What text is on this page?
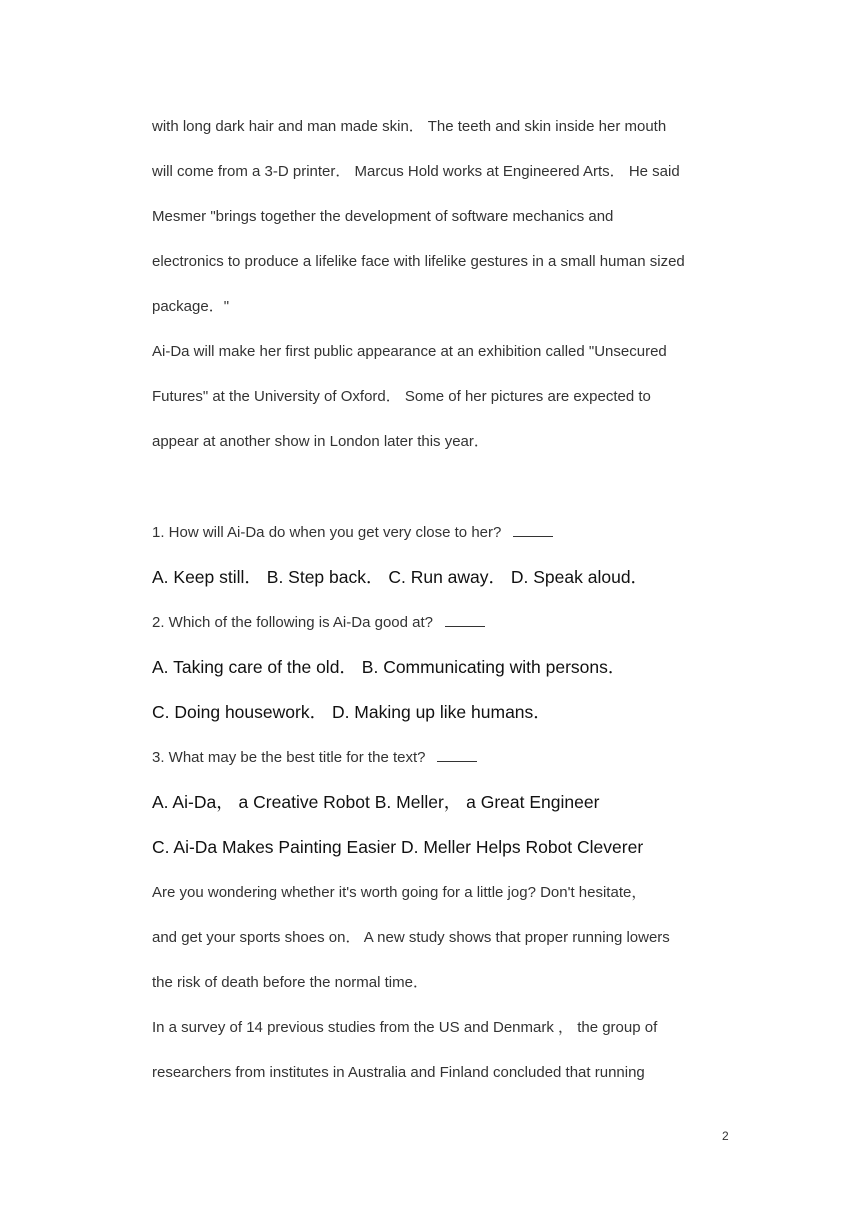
with long dark hair and man made skin． The teeth and skin inside her mouth
will come from a 3-D printer． Marcus Hold works at Engineered Arts． He said
Mesmer "brings together the development of software mechanics and
electronics to produce a lifelike face with lifelike gestures in a small human sized
package．"
Ai-Da will make her first public appearance at an exhibition called "Unsecured
Futures" at the University of Oxford． Some of her pictures are expected to
appear at another show in London later this year．
1. How will Ai-Da do when you get very close to her?
A. Keep still． B. Step back． C. Run away． D. Speak aloud．
2. Which of the following is Ai-Da good at?
A. Taking care of the old． B. Communicating with persons．
C. Doing housework． D. Making up like humans．
3. What may be the best title for the text?
A. Ai-Da， a Creative Robot B. Meller， a Great Engineer
C. Ai-Da Makes Painting Easier D. Meller Helps Robot Cleverer
Are you wondering whether it's worth going for a little jog? Don't hesitate，
and get your sports shoes on． A new study shows that proper running lowers
the risk of death before the normal time．
In a survey of 14 previous studies from the US and Denmark ， the group of
researchers from institutes in Australia and Finland concluded that running
2
